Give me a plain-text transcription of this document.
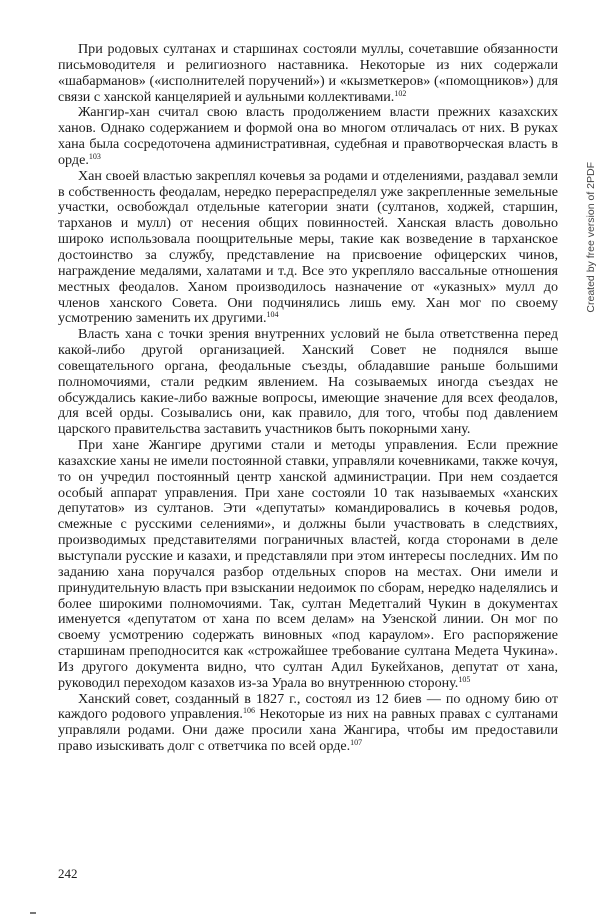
При родовых султанах и старшинах состояли муллы, сочетавшие обязанности письмоводителя и религиозного наставника. Некоторые из них содержали «шабарманов» («исполнителей поручений») и «кызметкеров» («помощников») для связи с ханской канцелярией и аульными коллективами.$^{102}$

Жангир-хан считал свою власть продолжением власти прежних казахских ханов. Однако содержанием и формой она во многом отличалась от них. В руках хана была сосредоточена административная, судебная и правотворческая власть в орде.$^{103}$

Хан своей властью закреплял кочевья за родами и отделениями, раздавал земли в собственность феодалам, нередко перераспределял уже закрепленные земельные участки, освобождал отдельные категории знати (султанов, ходжей, старшин, тарханов и мулл) от несения общих повинностей. Ханская власть довольно широко использовала поощрительные меры, такие как возведение в тарханское достоинство за службу, представление на присвоение офицерских чинов, награждение медалями, халатами и т.д. Все это укрепляло вассальные отношения местных феодалов. Ханом производилось назначение от «указных» мулл до членов ханского Совета. Они подчинялись лишь ему. Хан мог по своему усмотрению заменить их другими.$^{104}$

Власть хана с точки зрения внутренних условий не была ответственна перед какой-либо другой организацией. Ханский Совет не поднялся выше совещательного органа, феодальные съезды, обладавшие раньше большими полномочиями, стали редким явлением. На созываемых иногда съездах не обсуждались какие-либо важные вопросы, имеющие значение для всех феодалов, для всей орды. Созывались они, как правило, для того, чтобы под давлением царского правительства заставить участников быть покорными хану.

При хане Жангире другими стали и методы управления. Если прежние казахские ханы не имели постоянной ставки, управляли кочевниками, также кочуя, то он учредил постоянный центр ханской администрации. При нем создается особый аппарат управления. При хане состояли 10 так называемых «ханских депутатов» из султанов. Эти «депутаты» командировались в кочевья родов, смежные с русскими селениями», и должны были участвовать в следствиях, производимых представителями пограничных властей, когда сторонами в деле выступали русские и казахи, и представляли при этом интересы последних. Им по заданию хана поручался разбор отдельных споров на местах. Они имели и принудительную власть при взыскании недоимок по сборам, нередко наделялись и более широкими полномочиями. Так, султан Медетгалий Чукин в документах именуется «депутатом от хана по всем делам» на Узенской линии. Он мог по своему усмотрению содержать виновных «под караулом». Его распоряжение старшинам преподносится как «строжайшее требование султана Медета Чукина». Из другого документа видно, что султан Адил Букейханов, депутат от хана, руководил переходом казахов из-за Урала во внутреннюю сторону.$^{105}$

Ханский совет, созданный в 1827 г., состоял из 12 биев — по одному бию от каждого родового управления.$^{106}$ Некоторые из них на равных правах с султанами управляли родами. Они даже просили хана Жангира, чтобы им предоставили право изыскивать долг с ответчика по всей орде.$^{107}$

242
Created by free version of 2PDF
